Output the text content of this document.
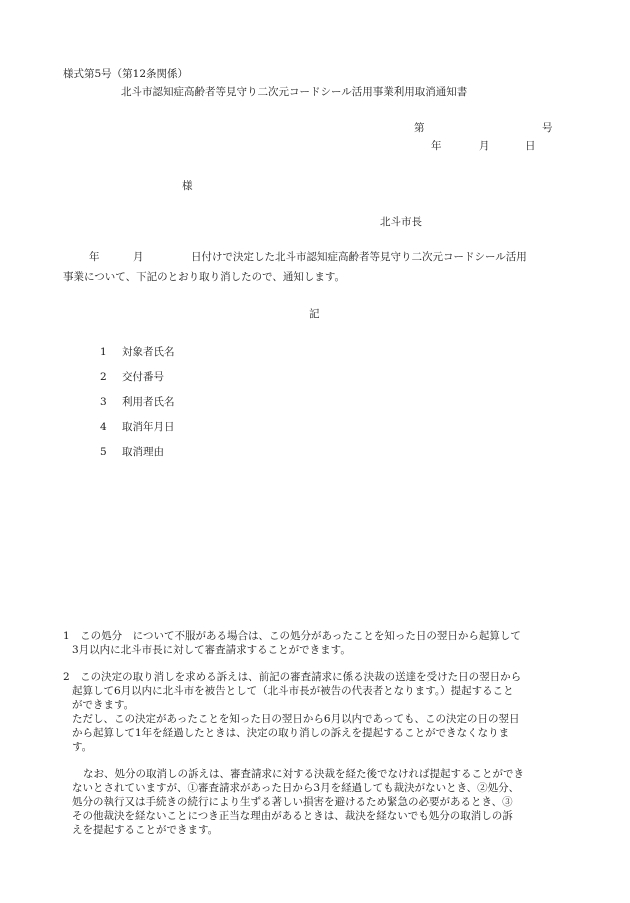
様式第5号（第12条関係）
北斗市認知症高齢者等見守り二次元コードシール活用事業利用取消通知書
第	号
年	月	日
様
北斗市長
年	月	日付けで決定した北斗市認知症高齢者等見守り二次元コードシール活用
事業について、下記のとおり取り消したので、通知します。
記
1 対象者氏名
2 交付番号
3 利用者氏名
4 取消年月日
5 取消理由
1　この処分　について不服がある場合は、この処分があったことを知った日の翌日から起算して
3月以内に北斗市長に対して審査請求することができます。
2　この決定の取り消しを求める訴えは、前記の審査請求に係る決裁の送達を受けた日の翌日から
起算して6月以内に北斗市を被告として（北斗市長が被告の代表者となります。）提起すること
ができます。
ただし、この決定があったことを知った日の翌日から6月以内であっても、この決定の日の翌日
から起算して1年を経過したときは、決定の取り消しの訴えを提起することができなくなりま
す。
なお、処分の取消しの訴えは、審査請求に対する決裁を経た後でなければ提起することができ
ないとされていますが、①審査請求があった日から3月を経過しても裁決がないとき、②処分、
処分の執行又は手続きの続行により生ずる著しい損害を避けるため緊急の必要があるとき、③
その他裁決を経ないことにつき正当な理由があるときは、裁決を経ないでも処分の取消しの訴
えを提起することができます。
